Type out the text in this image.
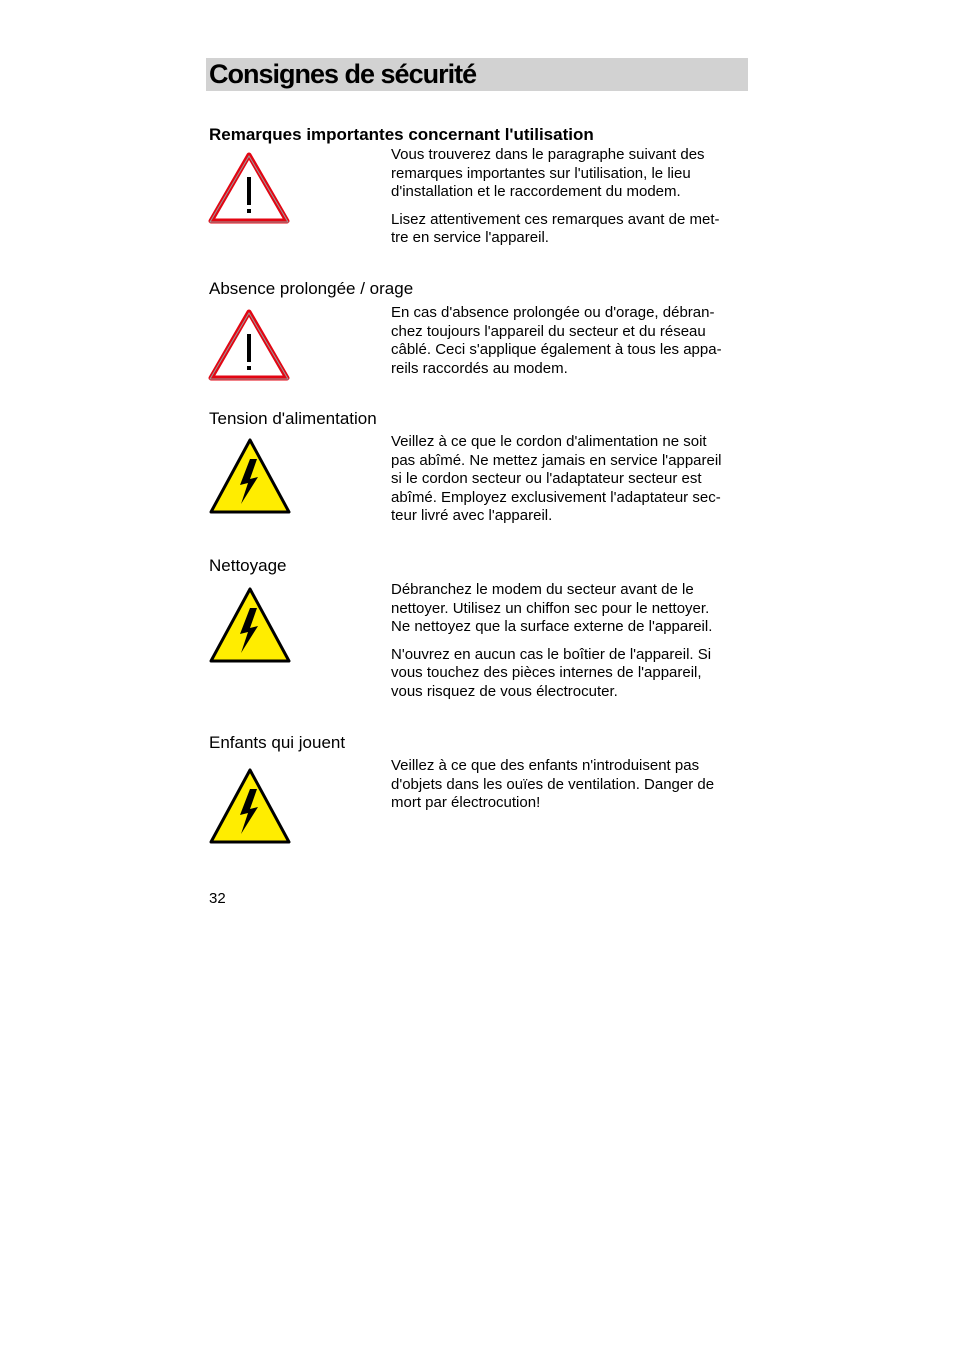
Consignes de sécurité
Remarques importantes concernant l'utilisation

Vous trouverez dans le paragraphe suivant des
remarques importantes sur l'utilisation, le lieu
d'installation et le raccordement du modem.

Lisez attentivement ces remarques avant de met-
tre en service l'appareil.

Absence prolongée / orage

En cas d'absence prolongée ou d'orage, débran-
chez toujours l'appareil du secteur et du réseau
câblé. Ceci s'applique également à tous les appa-
reils raccordés au modem.

Tension d'alimentation

Veillez à ce que le cordon d'alimentation ne soit
pas abîmé. Ne mettez jamais en service l'appareil
si le cordon secteur ou l'adaptateur secteur est
abîmé. Employez exclusivement l'adaptateur sec-
teur livré avec l'appareil.

Nettoyage

Débranchez le modem du secteur avant de le
nettoyer. Utilisez un chiffon sec pour le nettoyer.
Ne nettoyez que la surface externe de l'appareil.

N'ouvrez en aucun cas le boîtier de l'appareil. Si
vous touchez des pièces internes de l'appareil,
vous risquez de vous électrocuter.

Enfants qui jouent

Veillez à ce que des enfants n'introduisent pas
d'objets dans les ouïes de ventilation. Danger de
mort par électrocution!

32
